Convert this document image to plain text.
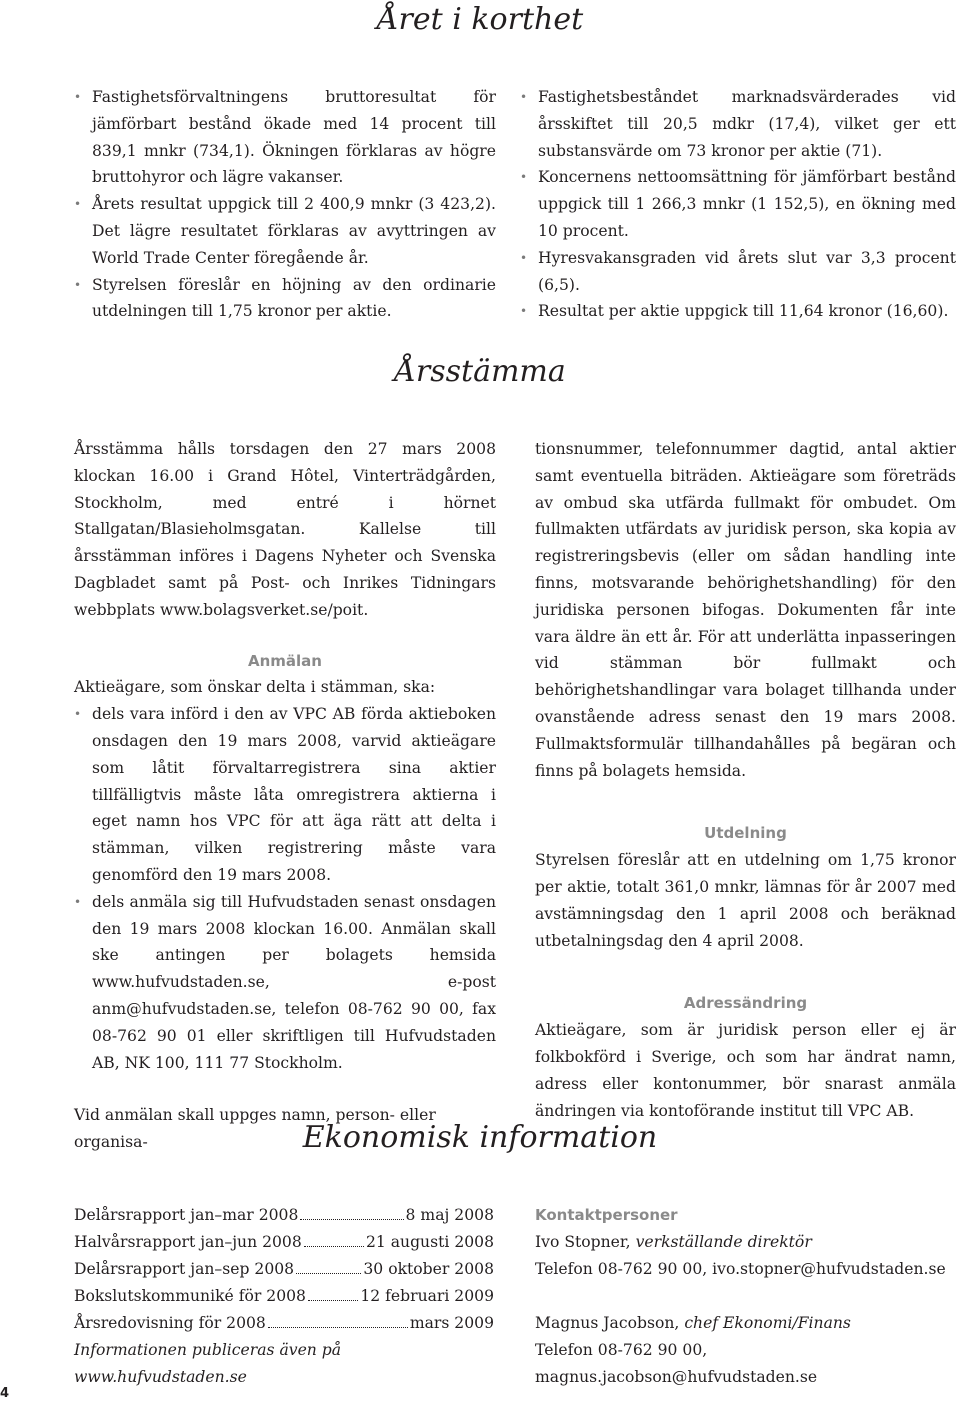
Året i korthet
• Fastighetsförvaltningens bruttoresultat för jämförbart bestånd ökade med 14 procent till 839,1 mnkr (734,1). Ökningen förklaras av högre bruttohyror och lägre vakanser.
• Årets resultat uppgick till 2 400,9 mnkr (3 423,2). Det lägre resultatet förklaras av avyttringen av World Trade Center föregående år.
• Styrelsen föreslår en höjning av den ordinarie utdelningen till 1,75 kronor per aktie.
• Fastighetsbeståndet marknadsvärderades vid årsskiftet till 20,5 mdkr (17,4), vilket ger ett substansvärde om 73 kronor per aktie (71).
• Koncernens nettoomsättning för jämförbart bestånd uppgick till 1 266,3 mnkr (1 152,5), en ökning med 10 procent.
• Hyresvakansgraden vid årets slut var 3,3 procent (6,5).
• Resultat per aktie uppgick till 11,64 kronor (16,60).
Årsstämma

Årsstämma hålls torsdagen den 27 mars 2008 klockan 16.00 i Grand Hôtel, Vinterträdgården, Stockholm, med entré i hörnet Stallgatan/Blasieholmsgatan. Kallelse till årsstämman införes i Dagens Nyheter och Svenska Dagbladet samt på Post- och Inrikes Tidningars webbplats www.bolagsverket.se/poit.

Anmälan

Aktieägare, som önskar delta i stämman, ska:

• dels vara införd i den av VPC AB förda aktieboken onsdagen den 19 mars 2008, varvid aktieägare som låtit förvaltarregistrera sina aktier tillfälligtvis måste låta omregistrera aktierna i eget namn hos VPC för att äga rätt att delta i stämman, vilken registrering måste vara genomförd den 19 mars 2008.
• dels anmäla sig till Hufvudstaden senast onsdagen den 19 mars 2008 klockan 16.00. Anmälan skall ske antingen per bolagets hemsida www.hufvudstaden.se, e-post anm@hufvudstaden.se, telefon 08-762 90 00, fax 08-762 90 01 eller skriftligen till Hufvudstaden AB, NK 100, 111 77 Stockholm.

Vid anmälan skall uppges namn, person- eller organisa-

tionsnummer, telefonnummer dagtid, antal aktier samt eventuella biträden. Aktieägare som företräds av ombud ska utfärda fullmakt för ombudet. Om fullmakten utfärdats av juridisk person, ska kopia av registreringsbevis (eller om sådan handling inte finns, motsvarande behörighetshandling) för den juridiska personen bifogas. Dokumenten får inte vara äldre än ett år. För att underlätta inpasseringen vid stämman bör fullmakt och behörighetshandlingar vara bolaget tillhanda under ovanstående adress senast den 19 mars 2008. Fullmaktsformulär tillhandahålles på begäran och finns på bolagets hemsida.

Utdelning

Styrelsen föreslår att en utdelning om 1,75 kronor per aktie, totalt 361,0 mnkr, lämnas för år 2007 med avstämningsdag den 1 april 2008 och beräknad utbetalningsdag den 4 april 2008.

Adressändring

Aktieägare, som är juridisk person eller ej är folkbokförd i Sverige, och som har ändrat namn, adress eller kontonummer, bör snarast anmäla ändringen via kontoförande institut till VPC AB.

Ekonomisk information
Delårsrapport jan–mar 2008	8 maj 2008
Halvårsrapport jan–jun 2008	21 augusti 2008
Delårsrapport jan–sep 2008	30 oktober 2008
Bokslutskommuniké för 2008	12 februari 2009
Årsredovisning för 2008	mars 2009
Informationen publiceras även på www.hufvudstaden.se

Kontaktpersoner

Ivo Stopner, verkställande direktör

Telefon 08-762 90 00, ivo.stopner@hufvudstaden.se

Magnus Jacobson, chef Ekonomi/Finans

Telefon 08-762 90 00, magnus.jacobson@hufvudstaden.se

4
